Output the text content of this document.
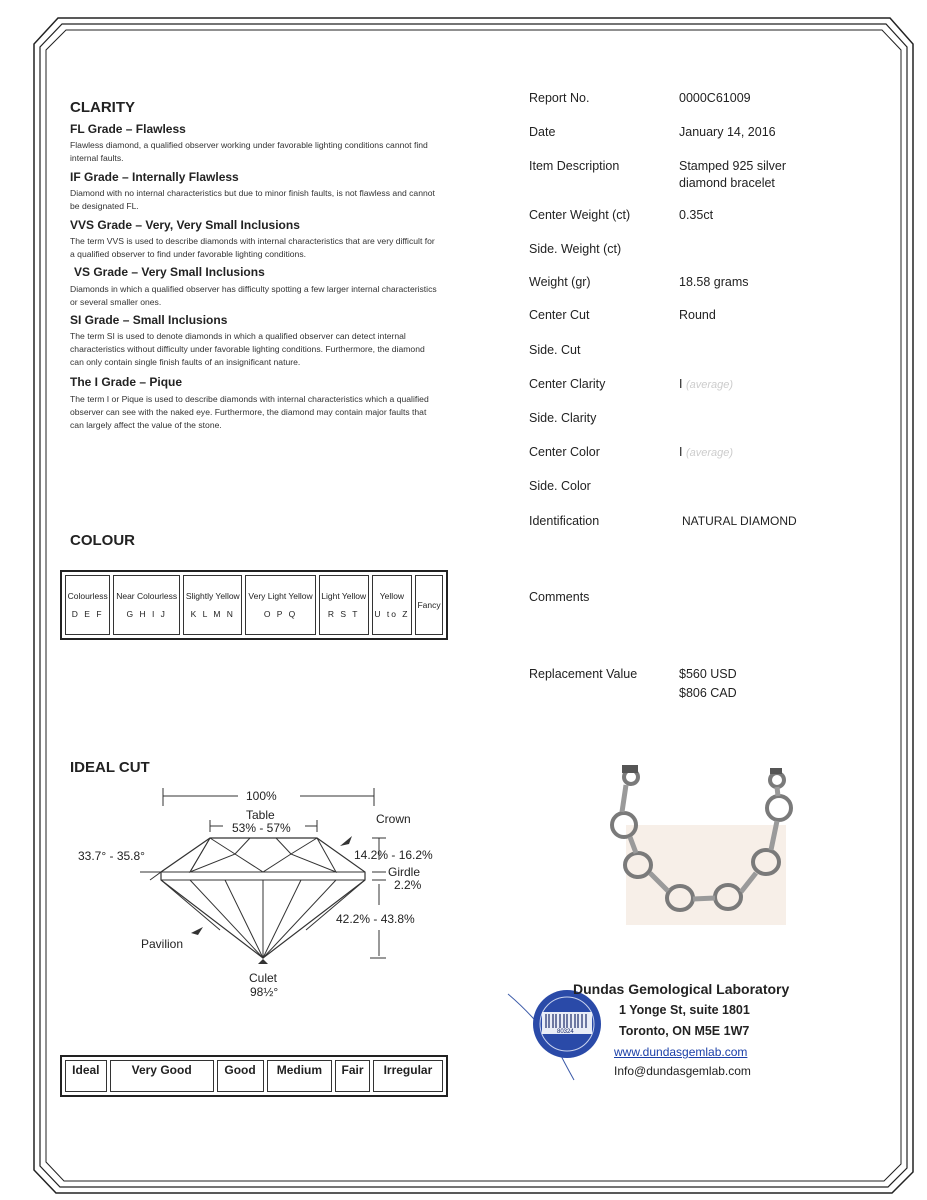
CLARITY
FL Grade – Flawless
Flawless diamond, a qualified observer working under favorable lighting conditions cannot find internal faults.
IF Grade – Internally Flawless
Diamond with no internal characteristics but due to minor finish faults, is not flawless and cannot be designated FL.
VVS Grade – Very, Very Small Inclusions
The term VVS is used to describe diamonds with internal characteristics that are very difficult for a qualified observer to find under favorable lighting conditions.
VS Grade – Very Small Inclusions
Diamonds in which a qualified observer has difficulty spotting a few larger internal characteristics or several smaller ones.
SI Grade – Small Inclusions
The term SI is used to denote diamonds in which a qualified observer can detect internal characteristics without difficulty under favorable lighting conditions. Furthermore, the diamond can only contain single finish faults of an insignificant nature.
The I Grade – Pique
The term I or Pique is used to describe diamonds with internal characteristics which a qualified observer can see with the naked eye. Furthermore, the diamond may contain major faults that can largely affect the value of the stone.
COLOUR
Colourless
D E F
	Near Colourless
G H I J
	Slightly Yellow
K L M N
	Very Light Yellow
O P Q
	Light Yellow
R S T
	Yellow
U to Z
	Fancy
IDEAL CUT
100%
Table
53% - 57%
Crown
33.7° - 35.8°	14.2% - 16.2%
Girdle
2.2%
42.2% - 43.8%
Pavilion
Culet
98½°
Ideal	Very Good	Good	Medium	Fair	Irregular
Report No.	0000C61009
Date	January 14, 2016
Item Description	Stamped 925 silver diamond bracelet
Center Weight (ct)	0.35ct
Side. Weight (ct)
Weight (gr)	18.58 grams
Center Cut	Round
Side. Cut
Center Clarity	I (average)
Side. Clarity
Center Color	I (average)
Side. Color
Identification	NATURAL DIAMOND
Comments
Replacement Value	$560 USD
$806 CAD
80324
Dundas Gemological Laboratory
1 Yonge St, suite 1801
Toronto, ON M5E 1W7
www.dundasgemlab.com
Info@dundasgemlab.com
